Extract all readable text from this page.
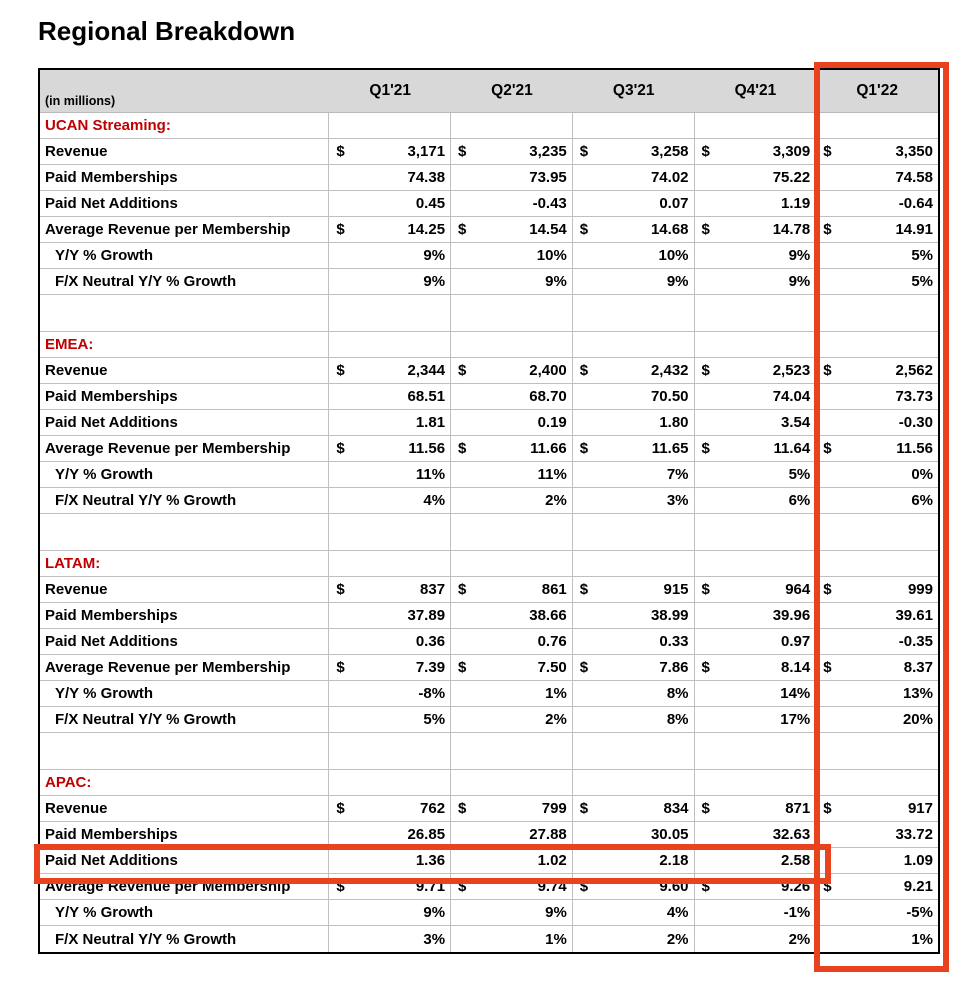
Regional Breakdown
(in millions)
Q1'21	Q2'21	Q3'21	Q4'21	Q1'22
UCAN Streaming:
Revenue	$	3,171 $	3,235 $	3,258 $	3,309 $	3,350
Paid Memberships	74.38	73.95	74.02	75.22	74.58
Paid Net Additions	0.45	-0.43	0.07	1.19	-0.64
Average Revenue per Membership	$	14.25 $	14.54 $	14.68 $	14.78 $	14.91
Y/Y % Growth	9%	10%	10%	9%	5%
F/X Neutral Y/Y % Growth	9%	9%	9%	9%	5%
EMEA:
Revenue	$	2,344 $	2,400 $	2,432 $	2,523 $	2,562
Paid Memberships	68.51	68.70	70.50	74.04	73.73
Paid Net Additions	1.81	0.19	1.80	3.54	-0.30
Average Revenue per Membership	$	11.56 $	11.66 $	11.65 $	11.64 $	11.56
Y/Y % Growth	11%	11%	7%	5%	0%
F/X Neutral Y/Y % Growth	4%	2%	3%	6%	6%
LATAM:
Revenue	$	837 $	861 $	915 $	964 $	999
Paid Memberships	37.89	38.66	38.99	39.96	39.61
Paid Net Additions	0.36	0.76	0.33	0.97	-0.35
Average Revenue per Membership	$	7.39 $	7.50 $	7.86 $	8.14 $	8.37
Y/Y % Growth	-8%	1%	8%	14%	13%
F/X Neutral Y/Y % Growth	5%	2%	8%	17%	20%
APAC:
Revenue	$	762 $	799 $	834 $	871 $	917
Paid Memberships	26.85	27.88	30.05	32.63	33.72
Paid Net Additions	1.36	1.02	2.18	2.58	1.09
Average Revenue per Membership	$	9.71 $	9.74 $	9.60 $	9.26 $	9.21
Y/Y % Growth	9%	9%	4%	-1%	-5%
F/X Neutral Y/Y % Growth	3%	1%	2%	2%	1%
